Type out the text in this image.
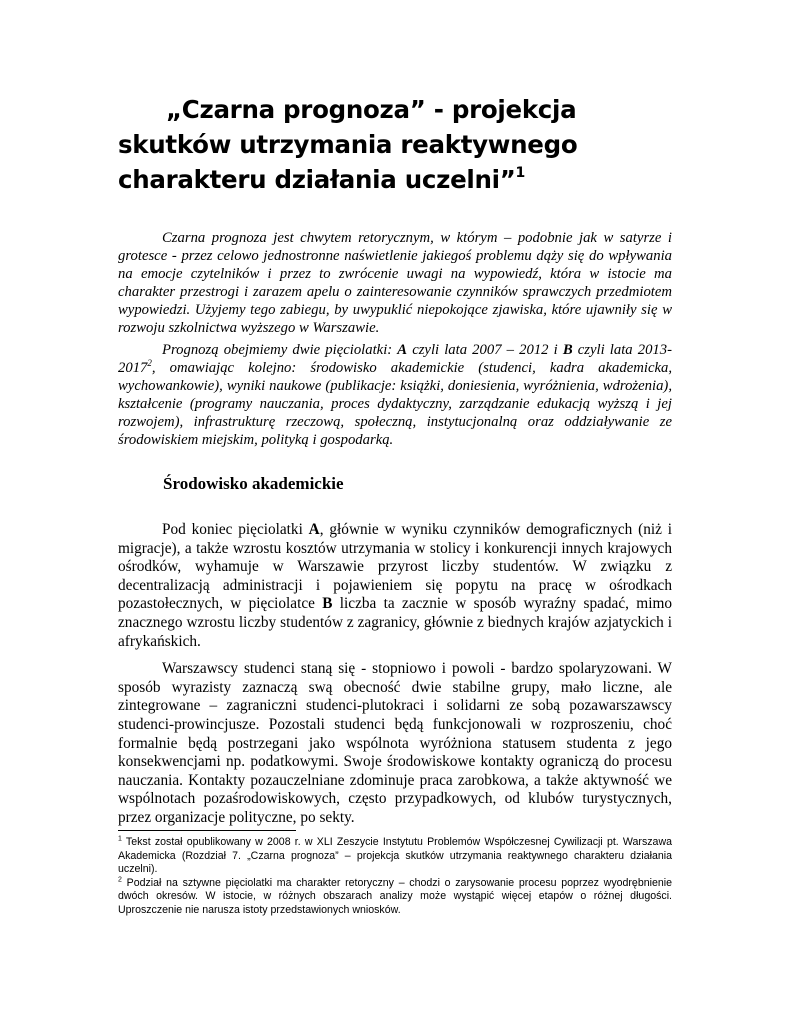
„Czarna prognoza” - projekcja skutków utrzymania reaktywnego charakteru działania uczelni”$^1$

Czarna prognoza jest chwytem retorycznym, w którym – podobnie jak w satyrze i grotesce - przez celowo jednostronne naświetlenie jakiegoś problemu dąży się do wpływania na emocje czytelników i przez to zwrócenie uwagi na wypowiedź, która w istocie ma charakter przestrogi i zarazem apelu o zainteresowanie czynników sprawczych przedmiotem wypowiedzi. Użyjemy tego zabiegu, by uwypuklić niepokojące zjawiska, które ujawniły się w rozwoju szkolnictwa wyższego w Warszawie.

Prognozą obejmiemy dwie pięciolatki: A czyli lata 2007 – 2012 i B czyli lata 2013-2017$^2$, omawiając kolejno: środowisko akademickie (studenci, kadra akademicka, wychowankowie), wyniki naukowe (publikacje: książki, doniesienia, wyróżnienia, wdrożenia), kształcenie (programy nauczania, proces dydaktyczny, zarządzanie edukacją wyższą i jej rozwojem), infrastrukturę rzeczową, społeczną, instytucjonalną oraz oddziaływanie ze środowiskiem miejskim, polityką i gospodarką.

Środowisko akademickie

Pod koniec pięciolatki A, głównie w wyniku czynników demograficznych (niż i migracje), a także wzrostu kosztów utrzymania w stolicy i konkurencji innych krajowych ośrodków, wyhamuje w Warszawie przyrost liczby studentów. W związku z decentralizacją administracji i pojawieniem się popytu na pracę w ośrodkach pozastołecznych, w pięciolatce B liczba ta zacznie w sposób wyraźny spadać, mimo znacznego wzrostu liczby studentów z zagranicy, głównie z biednych krajów azjatyckich i afrykańskich.

Warszawscy studenci staną się - stopniowo i powoli - bardzo spolaryzowani. W sposób wyrazisty zaznaczą swą obecność dwie stabilne grupy, mało liczne, ale zintegrowane – zagraniczni studenci-plutokraci i solidarni ze sobą pozawarszawscy studenci-prowincjusze. Pozostali studenci będą funkcjonowali w rozproszeniu, choć formalnie będą postrzegani jako wspólnota wyróżniona statusem studenta z jego konsekwencjami np. podatkowymi. Swoje środowiskowe kontakty ograniczą do procesu nauczania. Kontakty pozauczelniane zdominuje praca zarobkowa, a także aktywność we wspólnotach pozaśrodowiskowych, często przypadkowych, od klubów turystycznych, przez organizacje polityczne, po sekty.

$^1$ Tekst został opublikowany w 2008 r. w XLI Zeszycie Instytutu Problemów Współczesnej Cywilizacji pt. Warszawa Akademicka (Rozdział 7. „Czarna prognoza” – projekcja skutków utrzymania reaktywnego charakteru działania uczelni).

$^2$ Podział na sztywne pięciolatki ma charakter retoryczny – chodzi o zarysowanie procesu poprzez wyodrębnienie dwóch okresów. W istocie, w różnych obszarach analizy może wystąpić więcej etapów o różnej długości. Uproszczenie nie narusza istoty przedstawionych wniosków.
